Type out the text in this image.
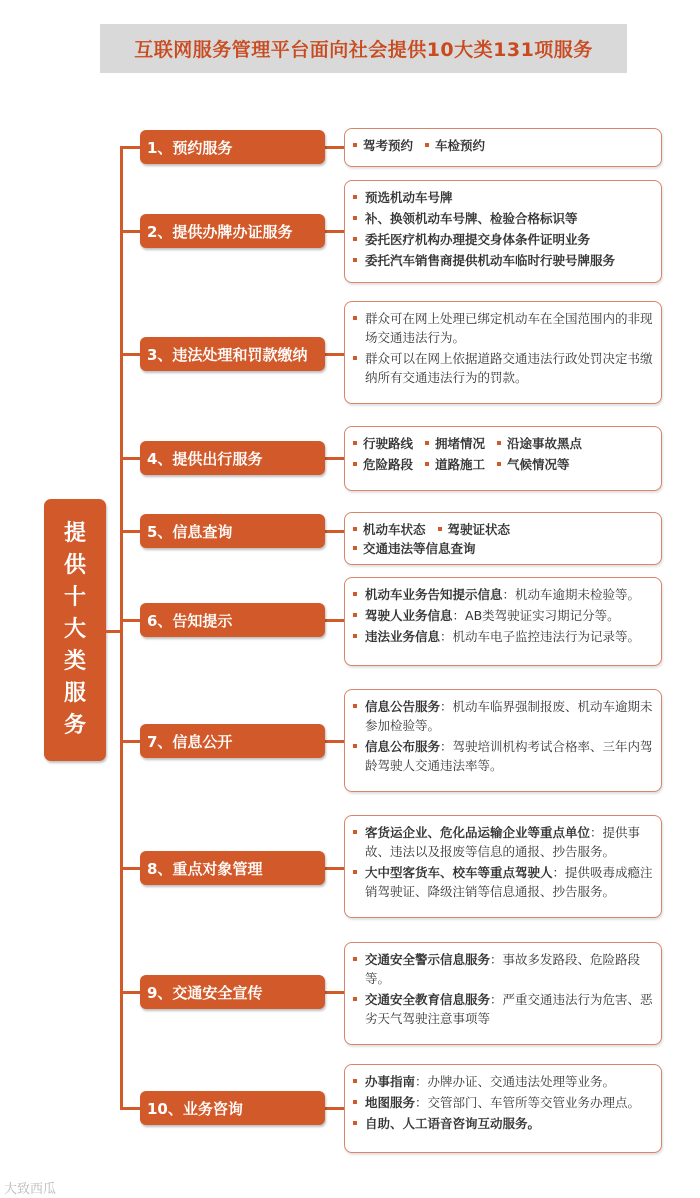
互联网服务管理平台面向社会提供10大类131项服务
提
供
十
大
类
服
务
1、预约服务	驾考预约	车检预约
2、提供办牌办证服务
预选机动车号牌
补、换领机动车号牌、检验合格标识等
委托医疗机构办理提交身体条件证明业务
委托汽车销售商提供机动车临时行驶号牌服务
3、违法处理和罚款缴纳
群众可在网上处理已绑定机动车在全国范围内的非现场交通违法行为。
群众可以在网上依据道路交通违法行政处罚决定书缴纳所有交通违法行为的罚款。
4、提供出行服务
行驶路线	拥堵情况	沿途事故黑点
危险路段	道路施工	气候情况等
5、信息查询	机动车状态	驾驶证状态
交通违法等信息查询
6、告知提示
机动车业务告知提示信息：机动车逾期未检验等。
驾驶人业务信息：AB类驾驶证实习期记分等。
违法业务信息：机动车电子监控违法行为记录等。
7、信息公开
信息公告服务：机动车临界强制报废、机动车逾期未参加检验等。
信息公布服务：驾驶培训机构考试合格率、三年内驾龄驾驶人交通违法率等。
8、重点对象管理
客货运企业、危化品运输企业等重点单位：提供事故、违法以及报废等信息的通报、抄告服务。
大中型客货车、校车等重点驾驶人：提供吸毒成瘾注销驾驶证、降级注销等信息通报、抄告服务。
9、交通安全宣传
交通安全警示信息服务：事故多发路段、危险路段等。
交通安全教育信息服务：严重交通违法行为危害、恶劣天气驾驶注意事项等
10、业务咨询
办事指南：办牌办证、交通违法处理等业务。
地图服务：交管部门、车管所等交管业务办理点。
自助、人工语音咨询互动服务。
大致西瓜
